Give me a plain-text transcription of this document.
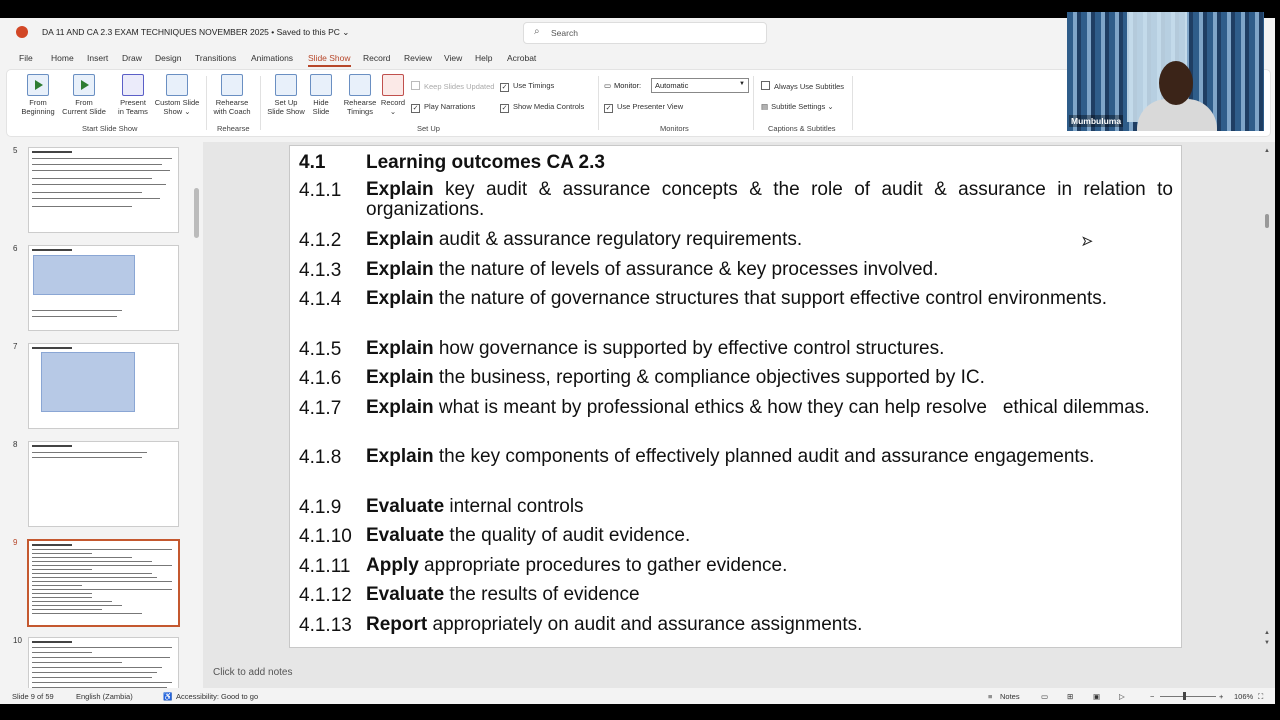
DA 11 AND CA 2.3 EXAM TECHNIQUES NOVEMBER 2025 • Saved to this PC ⌄	⌕ Search
File Home Insert Draw Design Transitions Animations Slide Show Record Review View Help Acrobat
From
Beginning
From
Current Slide
Present
in Teams
Custom Slide
Show ⌄
Start Slide Show
Rehearse
with Coach
Rehearse
Set Up
Slide Show
Hide
Slide
Rehearse
Timings
Record
⌄
Keep Slides Updated
✓ Play Narrations
✓ Use Timings
✓ Show Media Controls
Set Up
▭ Monitor: Automatic	▼
✓ Use Presenter View
Monitors
Always Use Subtitles
▤ Subtitle Settings ⌄
Captions & Subtitles
5
6
7
8
9
10
4.1 Learning outcomes CA 2.3
4.1.1 Explain key audit & assurance concepts & the role of audit & assurance in relation to organizations.
4.1.2 Explain audit & assurance regulatory requirements.
4.1.3 Explain the nature of levels of assurance & key processes involved.
4.1.4 Explain the nature of governance structures that support effective control environments.
4.1.5 Explain how governance is supported by effective control structures.
4.1.6 Explain the business, reporting & compliance objectives supported by IC.
4.1.7 Explain what is meant by professional ethics & how they can help resolve   ethical dilemmas.
4.1.8 Explain the key components of effectively planned audit and assurance engagements.
4.1.9 Evaluate internal controls
4.1.10 Evaluate the quality of audit evidence.
4.1.11 Apply appropriate procedures to gather evidence.
4.1.12 Evaluate the results of evidence
4.1.13 Report appropriately on audit and assurance assignments.
▲
▲
▼
Click to add notes
Slide 9 of 59	English (Zambia)	♿ Accessibility: Good to go	≡ Notes	▭	⊞	▣	▷	−	+ 106% ⛶
➤
Mumbuluma
